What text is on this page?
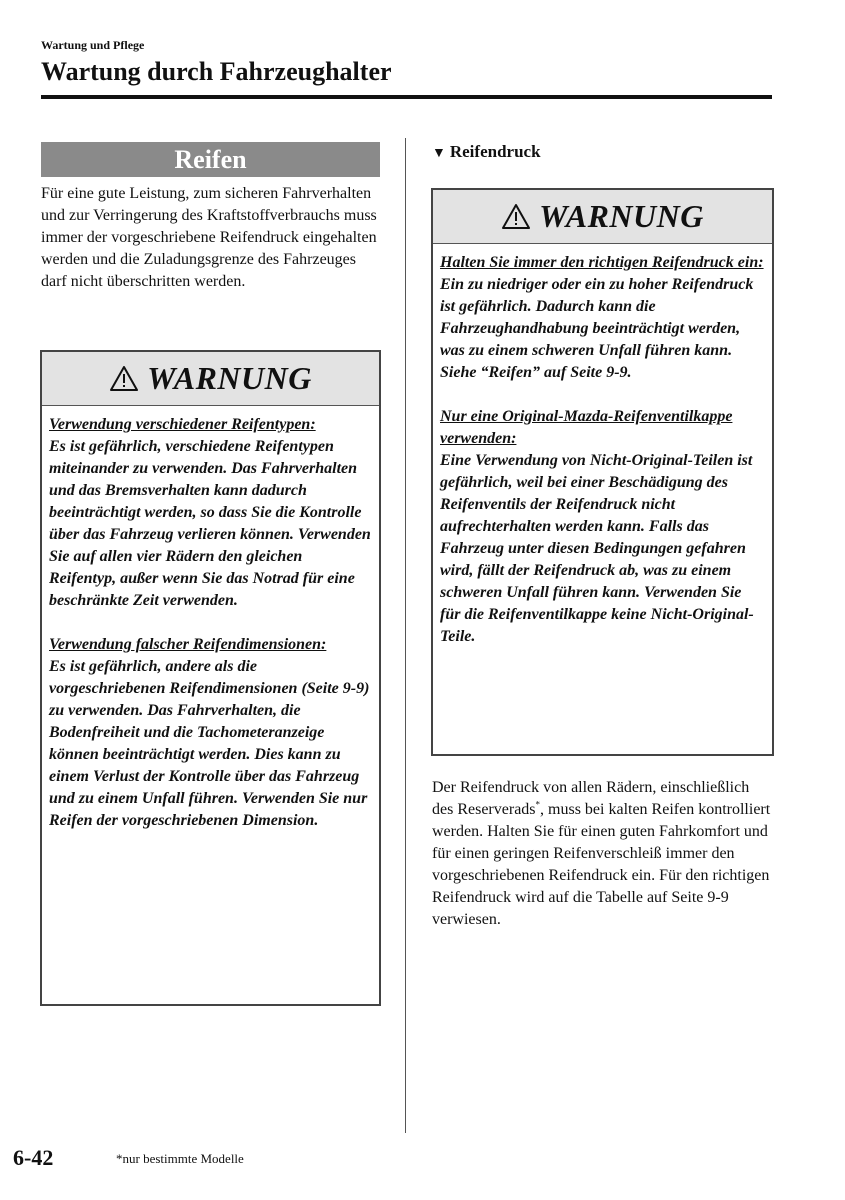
Wartung und Pflege
Wartung durch Fahrzeughalter
Reifen
Für eine gute Leistung, zum sicheren Fahrverhalten und zur Verringerung des Kraftstoffverbrauchs muss immer der vorgeschriebene Reifendruck eingehalten werden und die Zuladungsgrenze des Fahrzeuges darf nicht überschritten werden.
WARNUNG

Verwendung verschiedener Reifentypen:
Es ist gefährlich, verschiedene Reifentypen miteinander zu verwenden. Das Fahrverhalten und das Bremsverhalten kann dadurch beeinträchtigt werden, so dass Sie die Kontrolle über das Fahrzeug verlieren können. Verwenden Sie auf allen vier Rädern den gleichen Reifentyp, außer wenn Sie das Notrad für eine beschränkte Zeit verwenden.

Verwendung falscher Reifendimensionen:
Es ist gefährlich, andere als die vorgeschriebenen Reifendimensionen (Seite 9-9) zu verwenden. Das Fahrverhalten, die Bodenfreiheit und die Tachometeranzeige können beeinträchtigt werden. Dies kann zu einem Verlust der Kontrolle über das Fahrzeug und zu einem Unfall führen. Verwenden Sie nur Reifen der vorgeschriebenen Dimension.

▼ Reifendruck
WARNUNG

Halten Sie immer den richtigen Reifendruck ein:
Ein zu niedriger oder ein zu hoher Reifendruck ist gefährlich. Dadurch kann die Fahrzeughandhabung beeinträchtigt werden, was zu einem schweren Unfall führen kann. Siehe “Reifen” auf Seite 9-9.

Nur eine Original-Mazda-Reifenventilkappe verwenden:
Eine Verwendung von Nicht-Original-Teilen ist gefährlich, weil bei einer Beschädigung des Reifenventils der Reifendruck nicht aufrechterhalten werden kann. Falls das Fahrzeug unter diesen Bedingungen gefahren wird, fällt der Reifendruck ab, was zu einem schweren Unfall führen kann. Verwenden Sie für die Reifenventilkappe keine Nicht-Original-Teile.

Der Reifendruck von allen Rädern, einschließlich des Reserverads*, muss bei kalten Reifen kontrolliert werden. Halten Sie für einen guten Fahrkomfort und für einen geringen Reifenverschleiß immer den vorgeschriebenen Reifendruck ein. Für den richtigen Reifendruck wird auf die Tabelle auf Seite 9-9 verwiesen.
6-42	*nur bestimmte Modelle
